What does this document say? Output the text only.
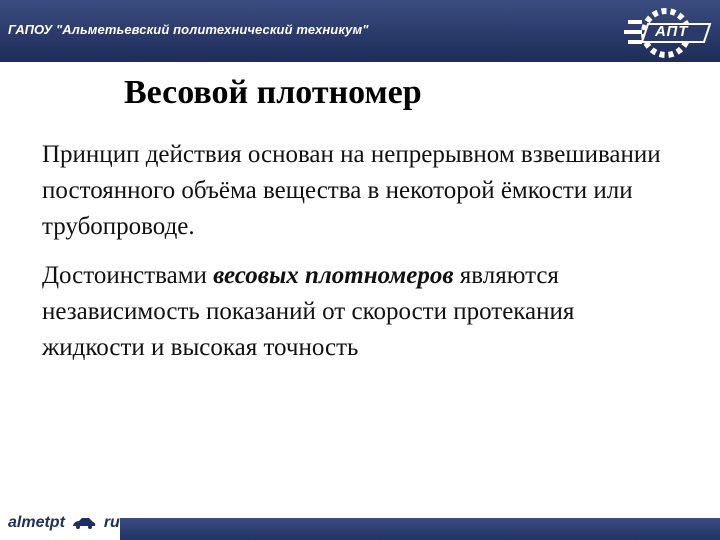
ГАПОУ "Альметьевский политехнический техникум"	АПТ
Весовой плотномер
Принцип действия основан на непрерывном взвешивании постоянного объёма вещества в некоторой ёмкости или трубопроводе.
Достоинствами весовых плотномеров являются независимость показаний от скорости протекания жидкости и высокая точность
almetpt ru
